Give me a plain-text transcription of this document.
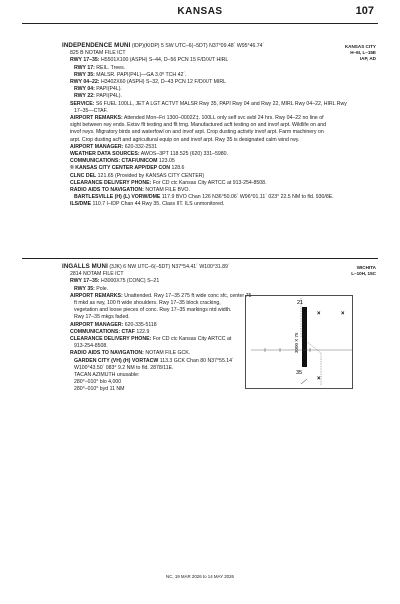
KANSAS	107
INDEPENDENCE MUNI (IDP)(KIDP) 5 SW UTC–6(–5DT) N37°09.48´ W95°46.74´
825 B NOTAM FILE ICT
RWY 17–35: H5501X100 (ASPH) S–44, D–56 PCN 15 F/D/X/T HIRL
RWY 17: REIL. Trees.
RWY 35: MALSR. PAPI(P4L)—GA 3.0º TCH 42´.
RWY 04–22: H3402X60 (ASPH) S–32, D–43 PCN 12 F/D/X/T MIRL
RWY 04: PAPI(P4L).
RWY 22: PAPI(P4L).
SERVICE: S6 FUEL 100LL, JET A LGT ACTVT MALSR Rwy 35, PAPI Rwy 04 and Rwy 22, MIRL Rwy 04–22, HIRL Rwy
17–35—CTAF.
AIRPORT REMARKS: Attended Mon–Fri 1300–0002Z‡. 100LL only self svc avbl 24 hrs. Rwy 04–22 no line of sight between rwy ends. Extsv flt testing and flt trng. Manufactured acft testing on and invof arpt. Wildlife on and invof rwys. Migratory birds and waterfowl on and invof arpt. Crop dusting activity invof arpt. Farm machinery on arpt. Crop dusting acft and agricultural equip on and invof arpt. Rwy 35 is designated calm wind rwy.
AIRPORT MANAGER: 620-332-2531
WEATHER DATA SOURCES: AWOS–3PT 118.525 (620) 331–5980.
COMMUNICATIONS: CTAF/UNICOM 123.05
® KANSAS CITY CENTER APP/DEP CON 128.6
CLNC DEL 121.65 (Provided by KANSAS CITY CENTER)
CLEARANCE DELIVERY PHONE: For CD ctc Kansas City ARTCC at 913-254-8508.
RADIO AIDS TO NAVIGATION: NOTAM FILE BVO.
BARTLESVILLE (H) (L) VORW/DME 117.9 BVO Chan 126 N36°50.06´ W96°01.11´ 023° 22.5 NM to fld. 930/8E.
ILS/DME 110.7 I–IDP Chan 44 Rwy 35. Class IIT. ILS unmonitored.
KANSAS CITY
H–6I, L–15E
IAP, AD
INGALLS MUNI (3JK) 6 NW UTC–6(–5DT) N37°54.41´ W100°31.89´
2814 NOTAM FILE ICT
RWY 17–35: H3000X75 (CONC) S–21
RWY 35: Pole.
AIRPORT REMARKS: Unattended. Rwy 17–35 275 ft wide conc sfc, center 75
ft mkd as rwy, 100 ft wide shoulders. Rwy 17–35 block cracking,
vegetation and loose pieces of conc. Rwy 17–35 markings ntd width.
Rwy 17–35 mkgs faded.
AIRPORT MANAGER: 620-335-5118
COMMUNICATIONS: CTAF 122.9
CLEARANCE DELIVERY PHONE: For CD ctc Kansas City ARTCC at
913-254-8508.
RADIO AIDS TO NAVIGATION: NOTAM FILE GCK.
GARDEN CITY (VH) (H) VORTACW 113.3 GCK Chan 80 N37°55.14´
W100°43.50´ 083° 9.2 NM to fld. 2878/11E.
TACAN AZIMUTH unusable:
280°–010° blo 4,000
280°–010° byd 11 NM
WICHITA
L–10H, 15C
×	×
×
21
35
3000 X 75
NC, 19 MAR 2026 to 14 MAY 2026
